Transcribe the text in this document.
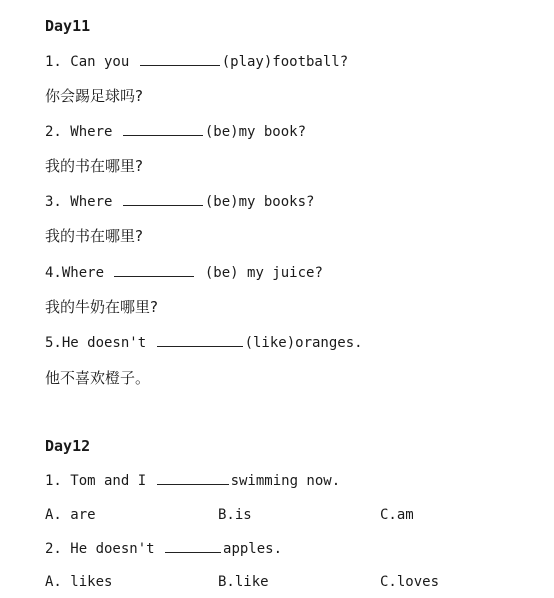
Day11
1. Can you	(play)football?
你会踢足球吗?
2. Where	(be)my book?
我的书在哪里?
3. Where	(be)my books?
我的书在哪里?
4.Where	(be) my juice?
我的牛奶在哪里?
5.He doesn't	(like)oranges.
他不喜欢橙子。
Day12
1. Tom and I	swimming now.
A. are	B.is	C.am
2. He doesn't	apples.
A. likes	B.like	C.loves
